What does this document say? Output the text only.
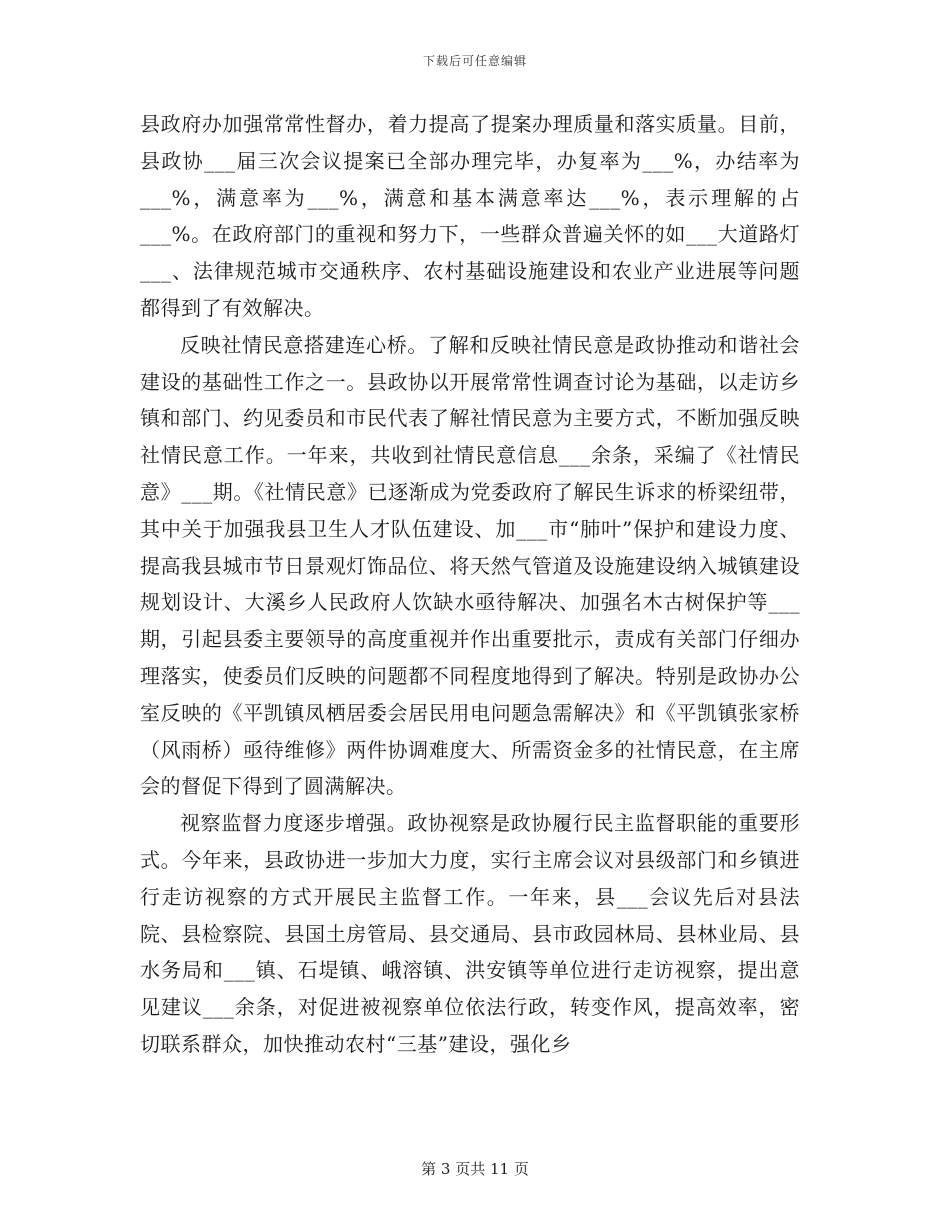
下载后可任意编辑

县政府办加强常常性督办，着力提高了提案办理质量和落实质量。目前，县政协___届三次会议提案已全部办理完毕，办复率为___%，办结率为___%，满意率为___%，满意和基本满意率达___%，表示理解的占___%。在政府部门的重视和努力下，一些群众普遍关怀的如___大道路灯___、法律规范城市交通秩序、农村基础设施建设和农业产业进展等问题都得到了有效解决。

反映社情民意搭建连心桥。了解和反映社情民意是政协推动和谐社会建设的基础性工作之一。县政协以开展常常性调查讨论为基础，以走访乡镇和部门、约见委员和市民代表了解社情民意为主要方式，不断加强反映社情民意工作。一年来，共收到社情民意信息___余条，采编了《社情民意》___期。《社情民意》已逐渐成为党委政府了解民生诉求的桥梁纽带，其中关于加强我县卫生人才队伍建设、加___市“肺叶”保护和建设力度、提高我县城市节日景观灯饰品位、将天然气管道及设施建设纳入城镇建设规划设计、大溪乡人民政府人饮缺水亟待解决、加强名木古树保护等___期，引起县委主要领导的高度重视并作出重要批示，责成有关部门仔细办理落实，使委员们反映的问题都不同程度地得到了解决。特别是政协办公室反映的《平凯镇凤栖居委会居民用电问题急需解决》和《平凯镇张家桥（风雨桥）亟待维修》两件协调难度大、所需资金多的社情民意，在主席会的督促下得到了圆满解决。

视察监督力度逐步增强。政协视察是政协履行民主监督职能的重要形式。今年来，县政协进一步加大力度，实行主席会议对县级部门和乡镇进行走访视察的方式开展民主监督工作。一年来，县___会议先后对县法院、县检察院、县国土房管局、县交通局、县市政园林局、县林业局、县水务局和___镇、石堤镇、峨溶镇、洪安镇等单位进行走访视察，提出意见建议___余条，对促进被视察单位依法行政，转变作风，提高效率，密切联系群众，加快推动农村“三基”建设，强化乡

第 3 页共 11 页
